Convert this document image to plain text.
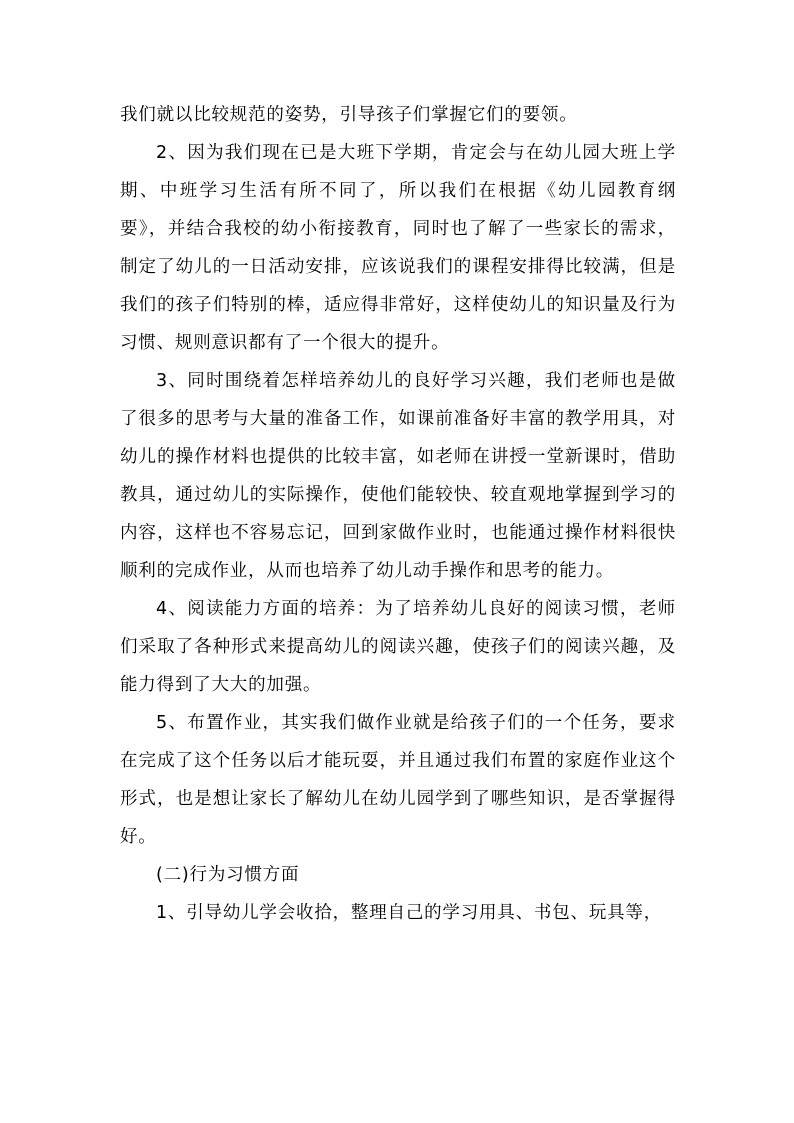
我们就以比较规范的姿势，引导孩子们掌握它们的要领。

2、因为我们现在已是大班下学期，肯定会与在幼儿园大班上学期、中班学习生活有所不同了，所以我们在根据《幼儿园教育纲要》，并结合我校的幼小衔接教育，同时也了解了一些家长的需求，制定了幼儿的一日活动安排，应该说我们的课程安排得比较满，但是我们的孩子们特别的棒，适应得非常好，这样使幼儿的知识量及行为习惯、规则意识都有了一个很大的提升。

3、同时围绕着怎样培养幼儿的良好学习兴趣，我们老师也是做了很多的思考与大量的准备工作，如课前准备好丰富的教学用具，对幼儿的操作材料也提供的比较丰富，如老师在讲授一堂新课时，借助教具，通过幼儿的实际操作，使他们能较快、较直观地掌握到学习的内容，这样也不容易忘记，回到家做作业时，也能通过操作材料很快顺利的完成作业，从而也培养了幼儿动手操作和思考的能力。

4、阅读能力方面的培养：为了培养幼儿良好的阅读习惯，老师们采取了各种形式来提高幼儿的阅读兴趣，使孩子们的阅读兴趣，及能力得到了大大的加强。

5、布置作业，其实我们做作业就是给孩子们的一个任务，要求在完成了这个任务以后才能玩耍，并且通过我们布置的家庭作业这个形式，也是想让家长了解幼儿在幼儿园学到了哪些知识，是否掌握得好。

(二)行为习惯方面

1、引导幼儿学会收拾，整理自己的学习用具、书包、玩具等，
